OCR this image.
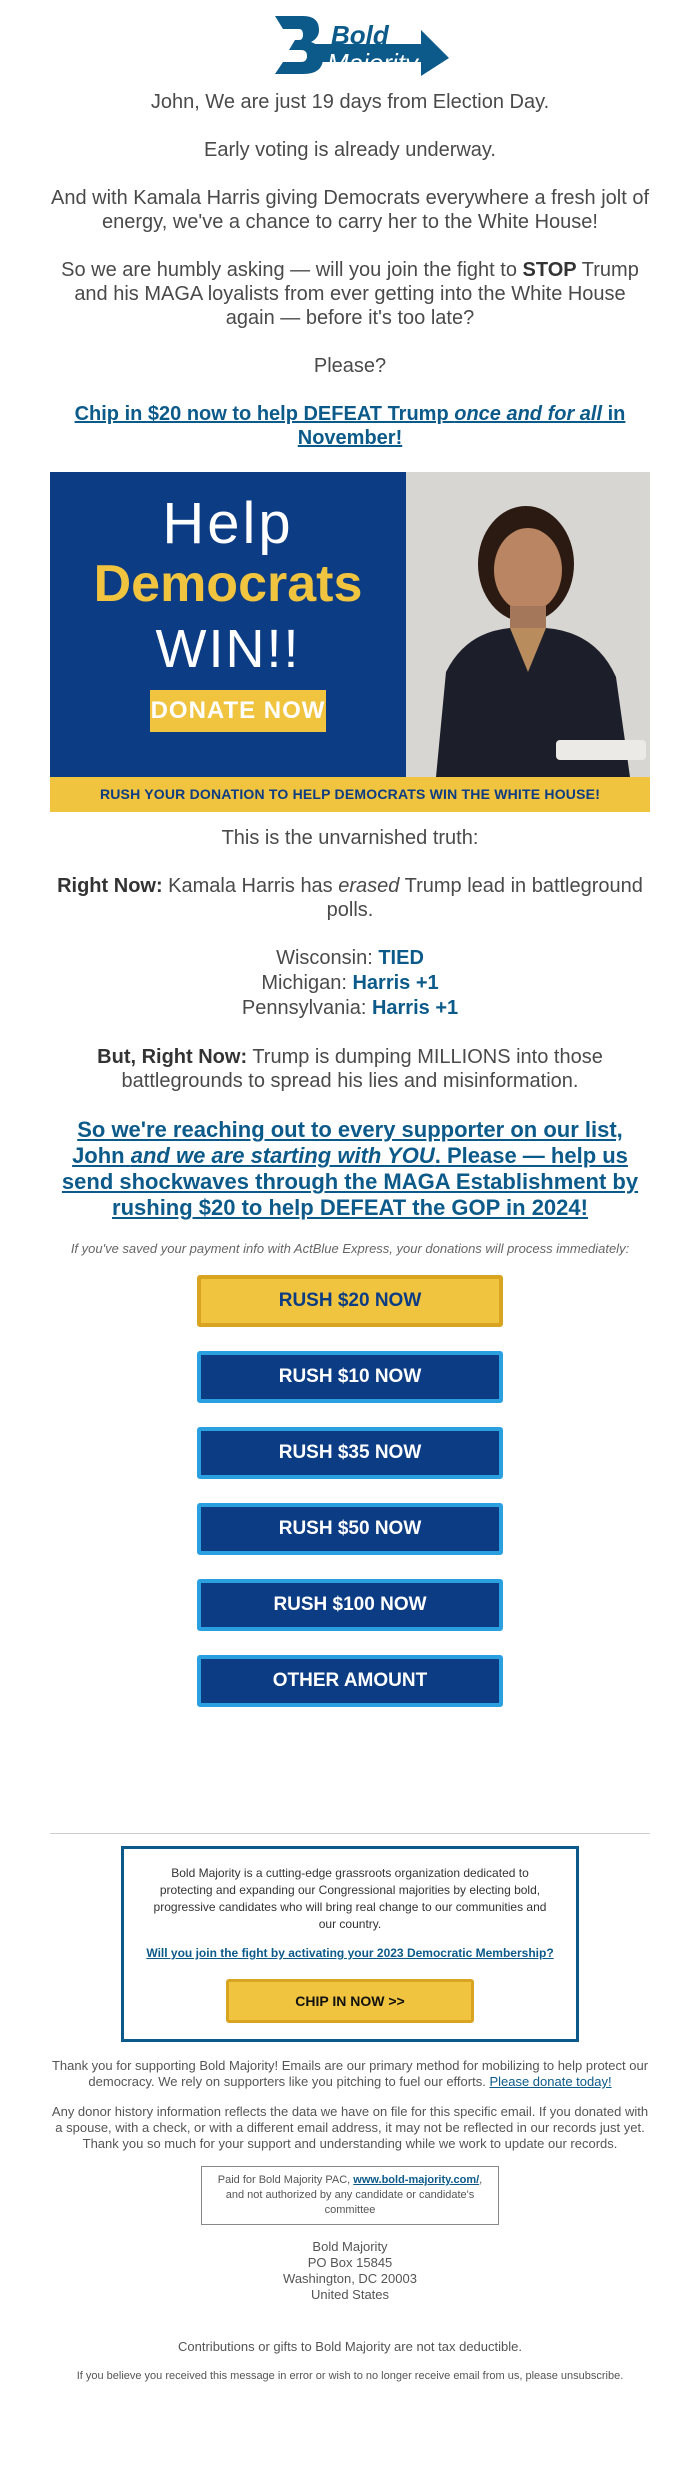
Bold
Majority

John, We are just 19 days from Election Day.

Early voting is already underway.

And with Kamala Harris giving Democrats everywhere a fresh jolt of energy, we've a chance to carry her to the White House!

So we are humbly asking — will you join the fight to STOP Trump and his MAGA loyalists from ever getting into the White House again — before it's too late?

Please?

Chip in $20 now to help DEFEAT Trump once and for all in November!
Help
Democrats
WIN!!
DONATE NOW
RUSH YOUR DONATION TO HELP DEMOCRATS WIN THE WHITE HOUSE!

This is the unvarnished truth:

Right Now: Kamala Harris has erased Trump lead in battleground polls.

Wisconsin: TIED
Michigan: Harris +1
Pennsylvania: Harris +1

But, Right Now: Trump is dumping MILLIONS into those battlegrounds to spread his lies and misinformation.

So we're reaching out to every supporter on our list, John and we are starting with YOU. Please — help us send shockwaves through the MAGA Establishment by rushing $20 to help DEFEAT the GOP in 2024!

If you've saved your payment info with ActBlue Express, your donations will process immediately:

RUSH $20 NOW
RUSH $10 NOW
RUSH $35 NOW
RUSH $50 NOW
RUSH $100 NOW
OTHER AMOUNT

Bold Majority is a cutting-edge grassroots organization dedicated to protecting and expanding our Congressional majorities by electing bold, progressive candidates who will bring real change to our communities and our country.

Will you join the fight by activating your 2023 Democratic Membership?

CHIP IN NOW >>

Thank you for supporting Bold Majority! Emails are our primary method for mobilizing to help protect our democracy. We rely on supporters like you pitching to fuel our efforts. Please donate today!

Any donor history information reflects the data we have on file for this specific email. If you donated with a spouse, with a check, or with a different email address, it may not be reflected in our records just yet. Thank you so much for your support and understanding while we work to update our records.

Paid for Bold Majority PAC, www.bold-majority.com/, and not authorized by any candidate or candidate's committee
Bold Majority
PO Box 15845
Washington, DC 20003
United States

Contributions or gifts to Bold Majority are not tax deductible.

If you believe you received this message in error or wish to no longer receive email from us, please unsubscribe.
